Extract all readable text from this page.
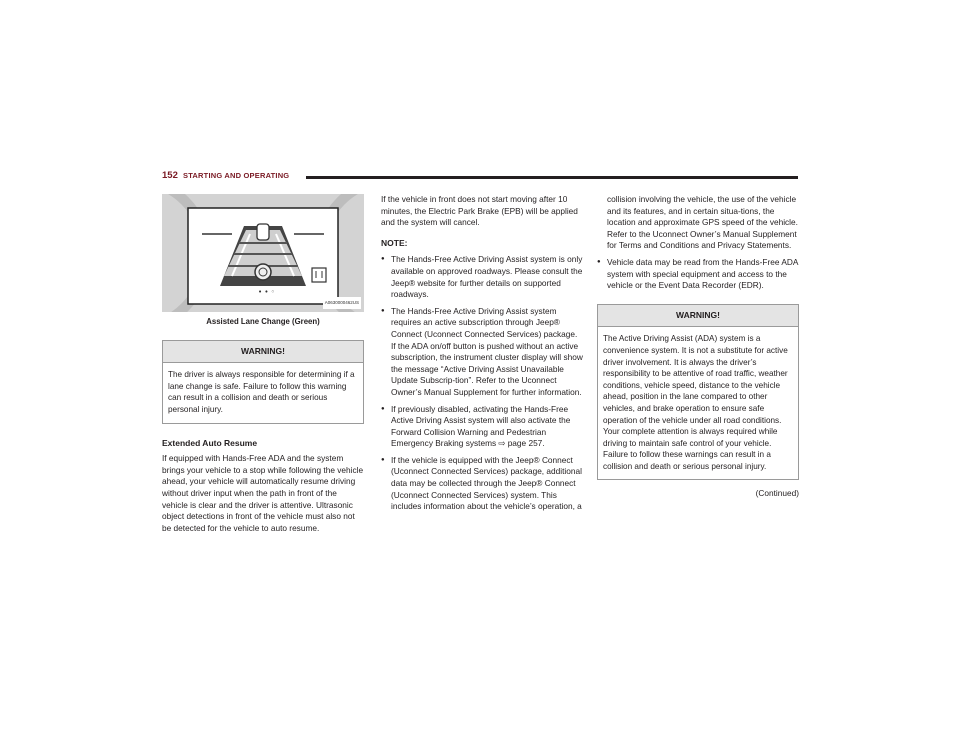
152 STARTING AND OPERATING
• • ◦
A0630000462US
Assisted Lane Change (Green)
WARNING!
The driver is always responsible for determining if a lane change is safe. Failure to follow this warning can result in a collision and death or serious personal injury.
Extended Auto Resume

If equipped with Hands-Free ADA and the system brings your vehicle to a stop while following the vehicle ahead, your vehicle will automatically resume driving without driver input when the path in front of the vehicle is clear and the driver is attentive. Ultrasonic object detections in front of the vehicle must also not be detected for the vehicle to auto resume.

If the vehicle in front does not start moving after 10 minutes, the Electric Park Brake (EPB) will be applied and the system will cancel.

NOTE:
● The Hands-Free Active Driving Assist system is only available on approved roadways. Please consult the Jeep® website for further details on supported roadways.
● The Hands-Free Active Driving Assist system requires an active subscription through Jeep® Connect (Uconnect Connected Services) package. If the ADA on/off button is pushed without an active subscription, the instrument cluster display will show the message “Active Driving Assist Unavailable Update Subscrip-tion”. Refer to the Uconnect Owner’s Manual Supplement for further information.
● If previously disabled, activating the Hands-Free Active Driving Assist system will also activate the Forward Collision Warning and Pedestrian Emergency Braking systems ⇨ page 257.
● If the vehicle is equipped with the Jeep® Connect (Uconnect Connected Services) package, additional data may be collected through the Jeep® Connect (Uconnect Connected Services) system. This includes information about the vehicle’s operation, a
collision involving the vehicle, the use of the vehicle and its features, and in certain situa-tions, the location and approximate GPS speed of the vehicle. Refer to the Uconnect Owner’s Manual Supplement for Terms and Conditions and Privacy Statements.
● Vehicle data may be read from the Hands-Free ADA system with special equipment and access to the vehicle or the Event Data Recorder (EDR).
WARNING!
The Active Driving Assist (ADA) system is a convenience system. It is not a substitute for active driver involvement. It is always the driver’s responsibility to be attentive of road traffic, weather conditions, vehicle speed, distance to the vehicle ahead, position in the lane compared to other vehicles, and brake operation to ensure safe operation of the vehicle under all road conditions. Your complete attention is always required while driving to maintain safe control of your vehicle. Failure to follow these warnings can result in a collision and death or serious personal injury.
(Continued)
